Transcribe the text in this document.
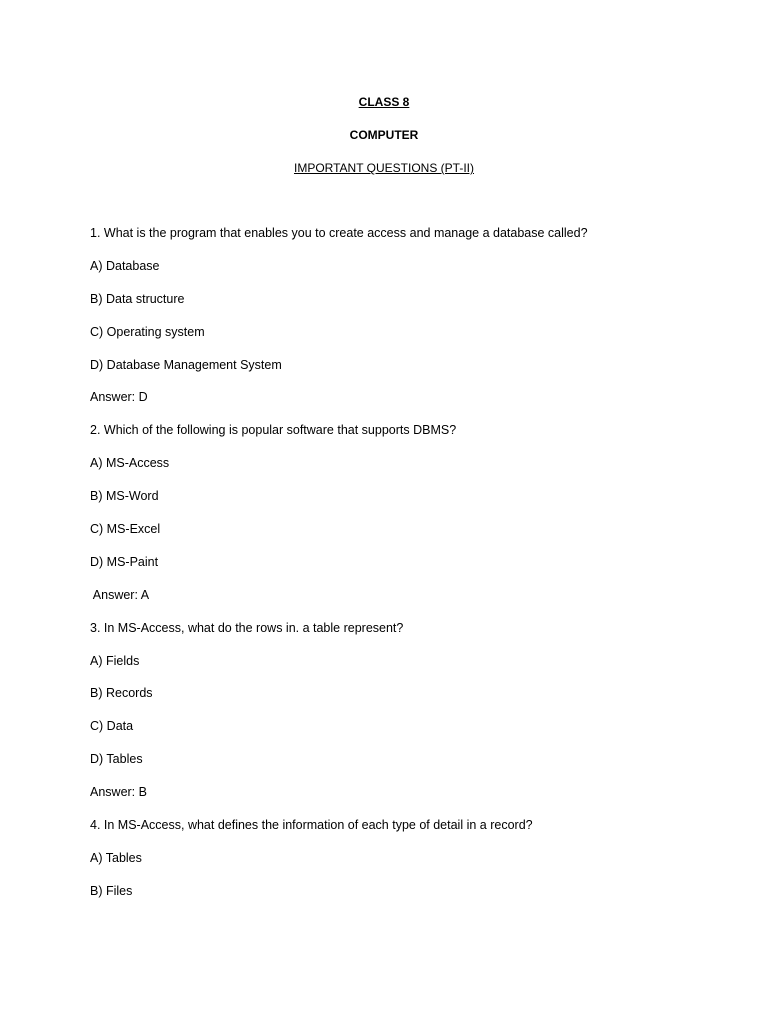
CLASS 8
COMPUTER
IMPORTANT QUESTIONS (PT-II)
1. What is the program that enables you to create access and manage a database called?
A) Database
B) Data structure
C) Operating system
D) Database Management System
Answer: D
2. Which of the following is popular software that supports DBMS?
A) MS-Access
B) MS-Word
C) MS-Excel
D) MS-Paint
Answer: A
3. In MS-Access, what do the rows in. a table represent?
A) Fields
B) Records
C) Data
D) Tables
Answer: B
4. In MS-Access, what defines the information of each type of detail in a record?
A) Tables
B) Files
